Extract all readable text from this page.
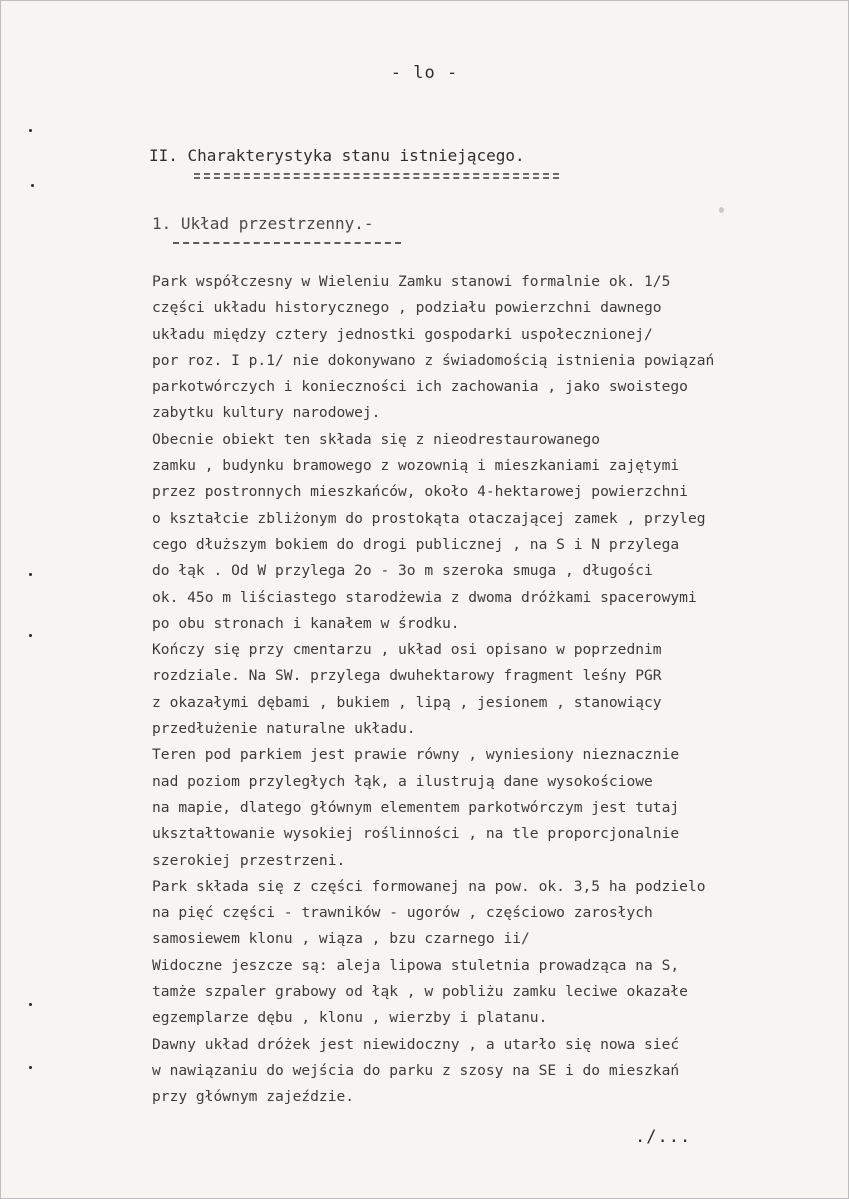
- lo -
II. Charakterystyka stanu istniejącego.
1. Układ przestrzenny.-
Park współczesny w Wieleniu Zamku stanowi formalnie ok. 1/5
części układu historycznego , podziału powierzchni dawnego
układu między cztery jednostki gospodarki uspołecznionej/
por roz. I p.1/ nie dokonywano z świadomością istnienia powiązań
parkotwórczych i konieczności ich zachowania , jako swoistego
zabytku kultury narodowej.
Obecnie obiekt ten składa się z nieodrestaurowanego
zamku , budynku bramowego z wozownią i mieszkaniami zajętymi
przez postronnych mieszkańców, około 4-hektarowej powierzchni
o kształcie zbliżonym do prostokąta otaczającej zamek , przyleg
cego dłuższym bokiem do drogi publicznej , na S i N przylega
do łąk . Od W przylega 2o - 3o m szeroka smuga , długości
ok. 45o m liściastego starodżewia z dwoma dróżkami spacerowymi
po obu stronach i kanałem w środku.
Kończy się przy cmentarzu , układ osi opisano w poprzednim
rozdziale. Na SW. przylega dwuhektarowy fragment leśny PGR
z okazałymi dębami , bukiem , lipą , jesionem , stanowiący
przedłużenie naturalne układu.
Teren pod parkiem jest prawie równy , wyniesiony nieznacznie
nad poziom przyległych łąk, a ilustrują dane wysokościowe
na mapie, dlatego głównym elementem parkotwórczym jest tutaj
ukształtowanie wysokiej roślinności , na tle proporcjonalnie
szerokiej przestrzeni.
Park składa się z części formowanej na pow. ok. 3,5 ha podzielo
na pięć części - trawników - ugorów , częściowo zarosłych
samosiewem klonu , wiąza , bzu czarnego ii/
Widoczne jeszcze są: aleja lipowa stuletnia prowadząca na S,
tamże szpaler grabowy od łąk , w pobliżu zamku leciwe okazałe
egzemplarze dębu , klonu , wierzby i platanu.
Dawny układ dróżek jest niewidoczny , a utarło się nowa sieć
w nawiązaniu do wejścia do parku z szosy na SE i do mieszkań
przy głównym zajeździe.
./...
